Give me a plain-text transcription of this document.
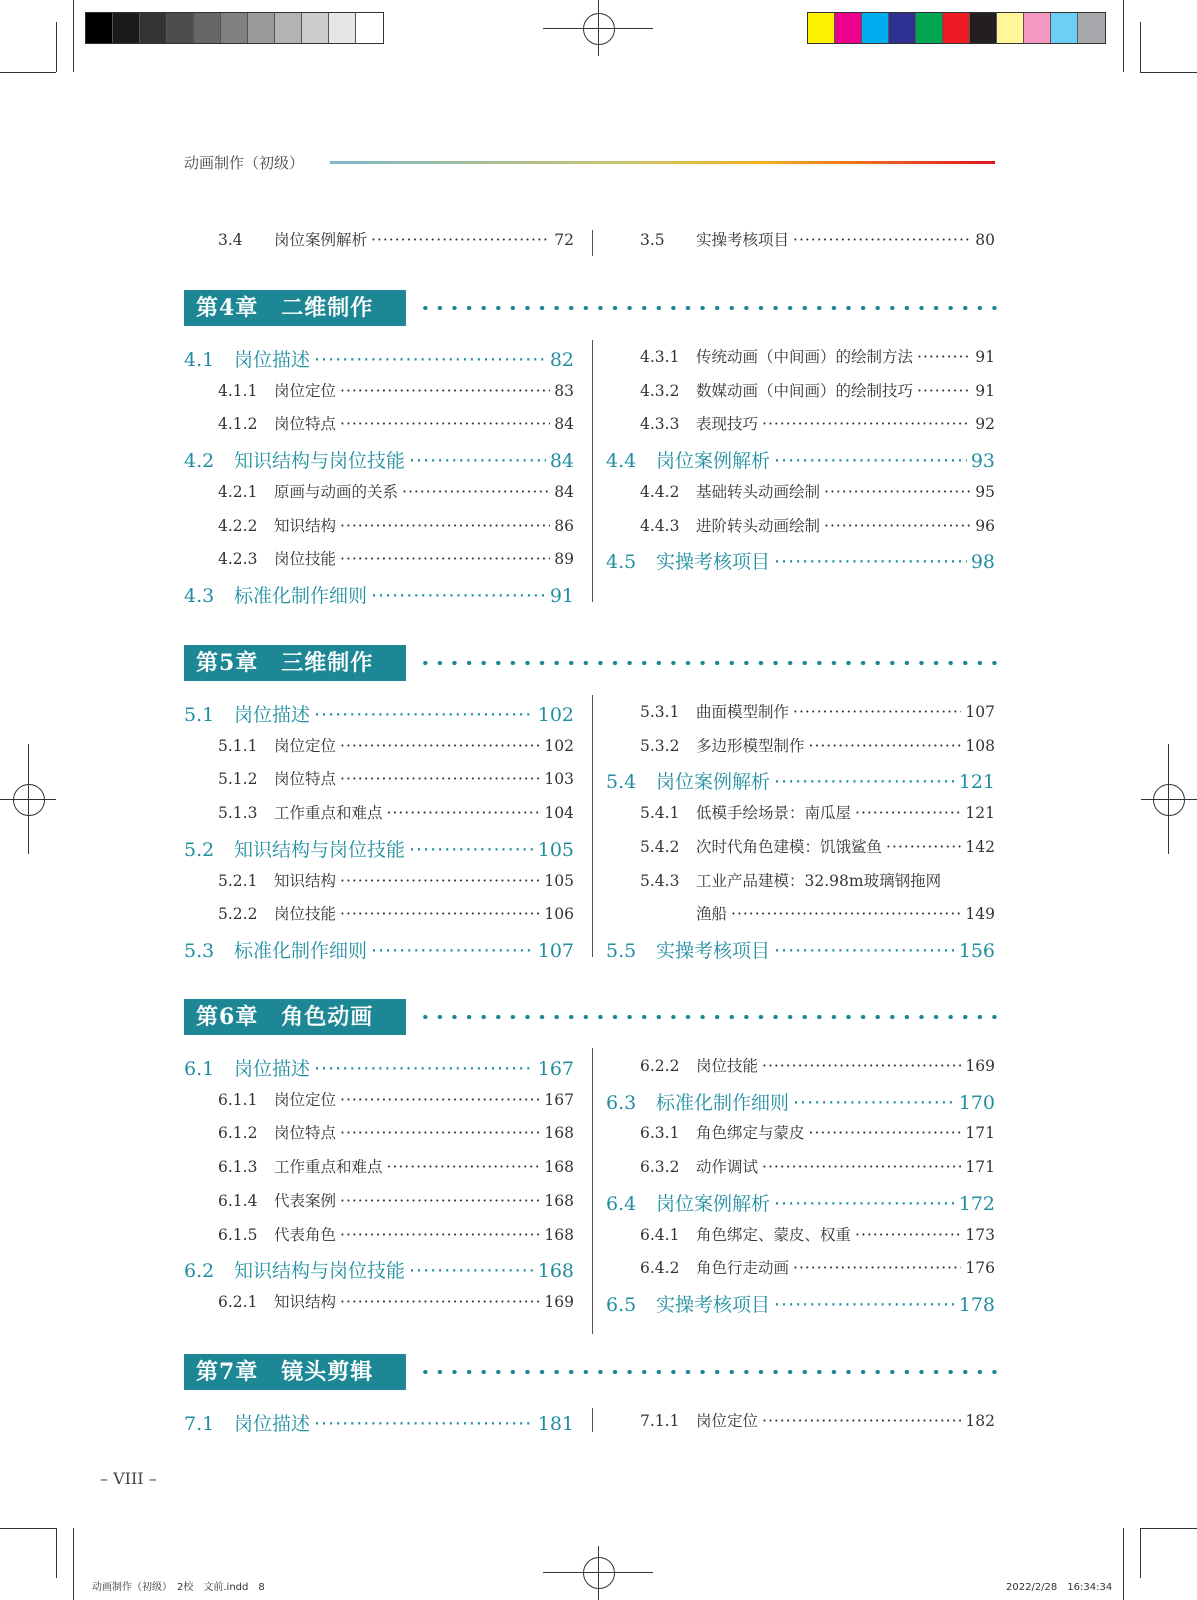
动画制作（初级）
3.4	岗位案例解析 ·····	72	3.5	实操考核项目 ·····	80
第4章　二维制作
4.1	岗位描述 ·····	82
4.1.1	岗位定位 ·····	83
4.1.2	岗位特点 ·····	84
4.2	知识结构与岗位技能 ·····	84
4.2.1	原画与动画的关系 ·····	84
4.2.2	知识结构 ·····	86
4.2.3	岗位技能 ·····	89
4.3	标准化制作细则 ·····	91
4.3.1	传统动画（中间画）的绘制方法 ·····	91
4.3.2	数媒动画（中间画）的绘制技巧 ·····	91
4.3.3	表现技巧 ·····	92
4.4	岗位案例解析 ·····	93
4.4.2	基础转头动画绘制 ·····	95
4.4.3	进阶转头动画绘制 ·····	96
4.5	实操考核项目 ·····	98
第5章　三维制作
5.1	岗位描述 ·····	102
5.1.1	岗位定位 ·····	102
5.1.2	岗位特点 ·····	103
5.1.3	工作重点和难点 ·····	104
5.2	知识结构与岗位技能 ·····	105
5.2.1	知识结构 ·····	105
5.2.2	岗位技能 ·····	106
5.3	标准化制作细则 ·····	107
5.3.1	曲面模型制作 ·····	107
5.3.2	多边形模型制作 ·····	108
5.4	岗位案例解析 ·····	121
5.4.1	低模手绘场景：南瓜屋 ·····	121
5.4.2	次时代角色建模：饥饿鲨鱼 ·····	142
5.4.3	工业产品建模：32.98m玻璃钢拖网
渔船 ·····	149
5.5	实操考核项目 ·····	156
第6章　角色动画
6.1	岗位描述 ·····	167
6.1.1	岗位定位 ·····	167
6.1.2	岗位特点 ·····	168
6.1.3	工作重点和难点 ·····	168
6.1.4	代表案例 ·····	168
6.1.5	代表角色 ·····	168
6.2	知识结构与岗位技能 ·····	168
6.2.1	知识结构 ·····	169
6.2.2	岗位技能 ·····	169
6.3	标准化制作细则 ·····	170
6.3.1	角色绑定与蒙皮 ·····	171
6.3.2	动作调试 ·····	171
6.4	岗位案例解析 ·····	172
6.4.1	角色绑定、蒙皮、权重 ·····	173
6.4.2	角色行走动画 ·····	176
6.5	实操考核项目 ·····	178
第7章　镜头剪辑
7.1	岗位描述 ·····	181	7.1.1	岗位定位 ·····	182
– VIII –
动画制作（初级）　2校　文前.indd　8	2022/2/28　16:34:34
